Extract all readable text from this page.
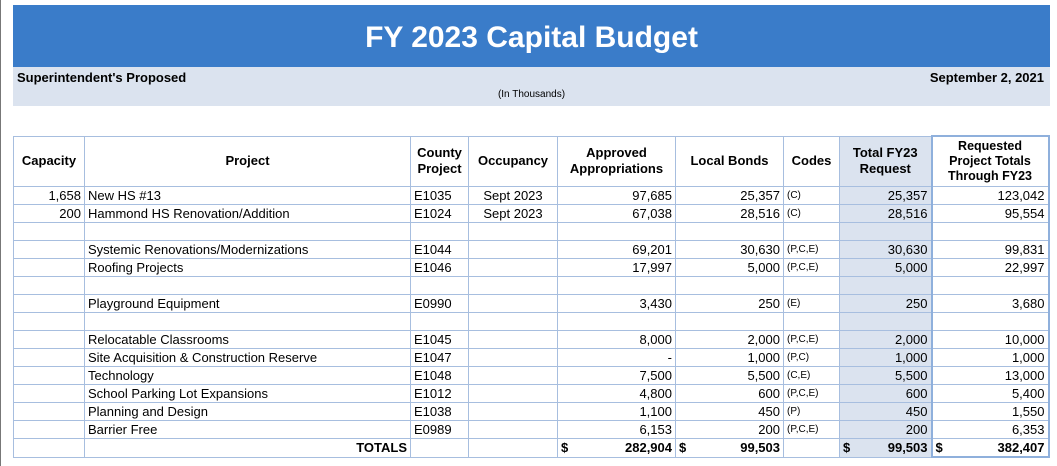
FY 2023 Capital Budget
Superintendent's Proposed	September 2, 2021
(In Thousands)
Capacity	Project	County Project	Occupancy	Approved Appropriations	Local Bonds	Codes	Total FY23 Request	Requested Project Totals Through FY23
1,658	New HS #13	E1035	Sept 2023	97,685	25,357	(C)	25,357	123,042
200	Hammond HS Renovation/Addition	E1024	Sept 2023	67,038	28,516	(C)	28,516	95,554

	Systemic Renovations/Modernizations	E1044		69,201	30,630	(P,C,E)	30,630	99,831
	Roofing Projects	E1046		17,997	5,000	(P,C,E)	5,000	22,997

	Playground Equipment	E0990		3,430	250	(E)	250	3,680

	Relocatable Classrooms	E1045		8,000	2,000	(P,C,E)	2,000	10,000
	Site Acquisition & Construction Reserve	E1047		-	1,000	(P,C)	1,000	1,000
	Technology	E1048		7,500	5,500	(C,E)	5,500	13,000
	School Parking Lot Expansions	E1012		4,800	600	(P,C,E)	600	5,400
	Planning and Design	E1038		1,100	450	(P)	450	1,550
	Barrier Free	E0989		6,153	200	(P,C,E)	200	6,353
	TOTALS			$ 282,904	$ 99,503		$ 99,503	$ 382,407
